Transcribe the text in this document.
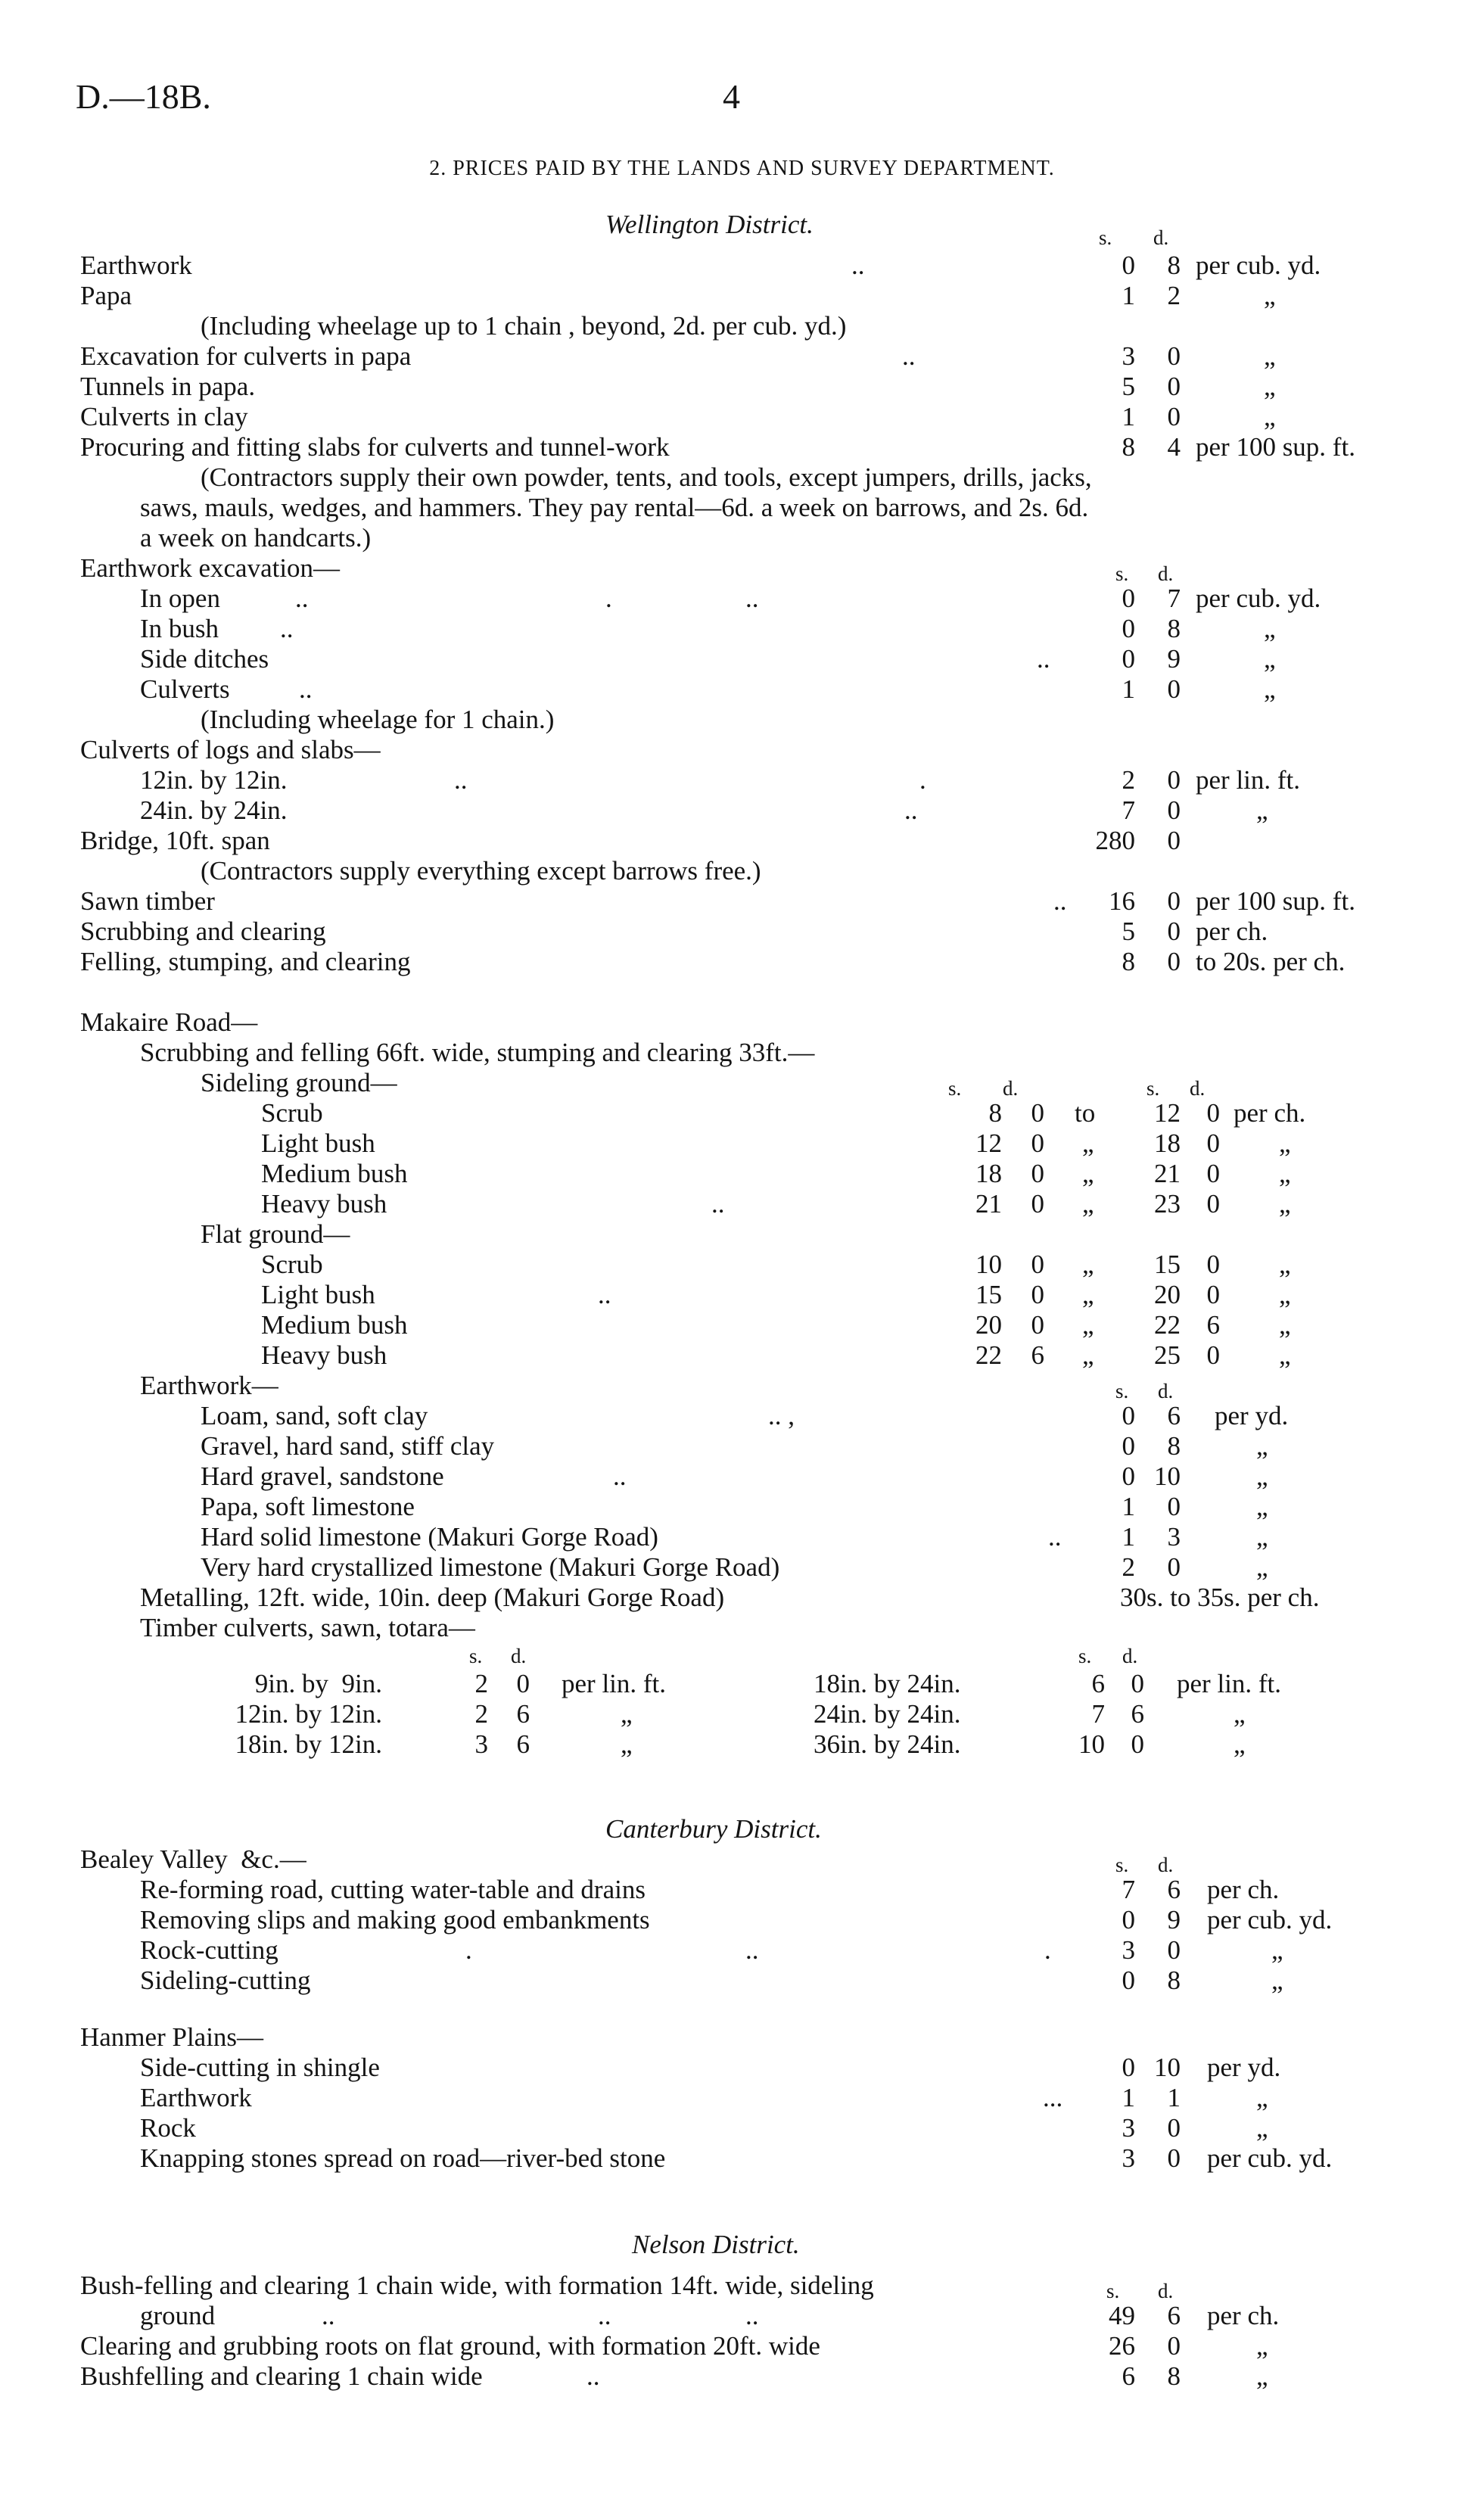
D.—18B.	4
2. PRICES PAID BY THE LANDS AND SURVEY DEPARTMENT.
Wellington District.	s. d.
Earthwork	..	0	8 per cub. yd.
Papa	1	2	„
(Including wheelage up to 1 chain , beyond, 2d. per cub. yd.)
Excavation for culverts in papa	..	3	0	„
Tunnels in papa.	5	0	„
Culverts in clay	1	0	„
Procuring and fitting slabs for culverts and tunnel-work	8	4 per 100 sup. ft.
(Contractors supply their own powder, tents, and tools, except jumpers, drills, jacks,
saws, mauls, wedges, and hammers. They pay rental—6d. a week on barrows, and 2s. 6d.
a week on handcarts.)
Earthwork excavation—	s. d.
In open	..	.	..	0	7 per cub. yd.
In bush ..	0	8	„
Side ditches	..	0	9	„
Culverts	..	1	0	„
(Including wheelage for 1 chain.)
Culverts of logs and slabs—
12in. by 12in.	..	.	2	0 per lin. ft.
24in. by 24in.	..	7	0	„
Bridge, 10ft. span	280	0
(Contractors supply everything except barrows free.)
Sawn timber	..	16	0 per 100 sup. ft.
Scrubbing and clearing	5	0 per ch.
Felling, stumping, and clearing	8	0 to 20s. per ch.
Makaire Road—
Scrubbing and felling 66ft. wide, stumping and clearing 33ft.—
Sideling ground—	s. d.	s. d.
Scrub	8	0 to	12 0 per ch.
Light bush	12	0 „	18 0 „
Medium bush	18	0 „	21 0 „
Heavy bush	..	21	0 „	23 0 „
Flat ground—
Scrub	10	0 „	15 0 „
Light bush	..	15	0 „	20 0 „
Medium bush	20	0 „	22 6 „
Heavy bush	22	6 „	25 0 „
Earthwork—	s. d.
Loam, sand, soft clay	.. ,	0	6 per yd.
Gravel, hard sand, stiff clay	0	8	„
Hard gravel, sandstone	..	0 10	„
Papa, soft limestone	1	0	„
Hard solid limestone (Makuri Gorge Road)	..	1	3	„
Very hard crystallized limestone (Makuri Gorge Road)	2	0	„
Metalling, 12ft. wide, 10in. deep (Makuri Gorge Road)	30s. to 35s. per ch.
Timber culverts, sawn, totara—
s. d.	s. d.
9in. by  9in.	2	0 per lin. ft.	18in. by 24in.	6 0 per lin. ft.
12in. by 12in.	2	6	„	24in. by 24in.	7 6	„
18in. by 12in.	3	6	„	36in. by 24in.	10 0	„
Canterbury District.
Bealey Valley  &c.—	s. d.
Re-forming road, cutting water-table and drains	7	6 per ch.
Removing slips and making good embankments	0	9 per cub. yd.
Rock-cutting	.	..	.	3	0	„
Sideling-cutting	0	8	„
Hanmer Plains—
Side-cutting in shingle	0 10 per yd.
Earthwork	...	1	1	„
Rock	3	0	„
Knapping stones spread on road—river-bed stone	3	0 per cub. yd.
Nelson District.
Bush-felling and clearing 1 chain wide, with formation 14ft. wide, sideling	s. d.
ground	..	..	..	49	6 per ch.
Clearing and grubbing roots on flat ground, with formation 20ft. wide	26	0	„
Bushfelling and clearing 1 chain wide	..	6	8	„
